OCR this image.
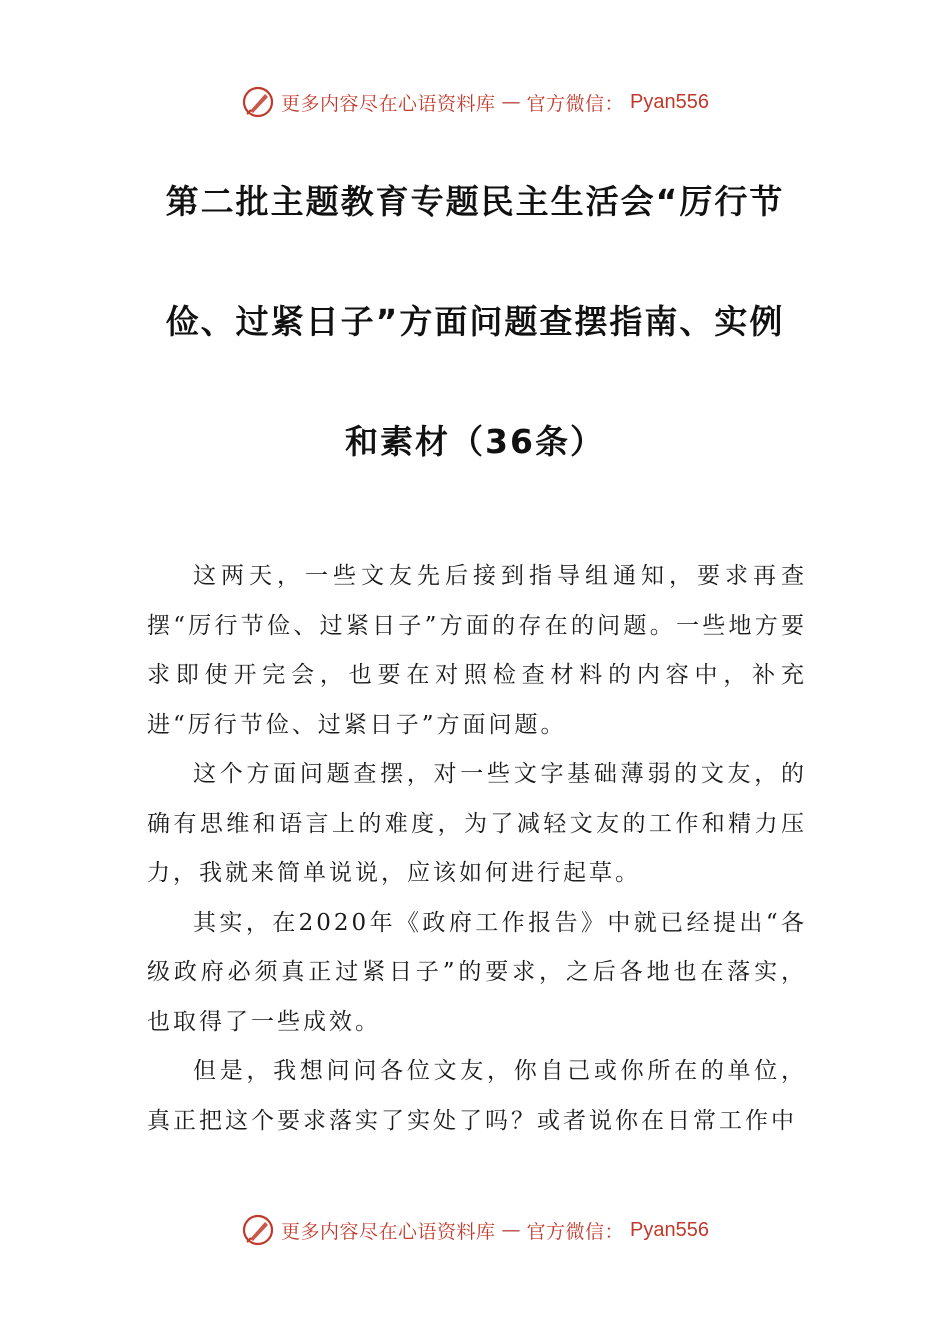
更多内容尽在心语资料库 — 官方微信： Pyan556
第二批主题教育专题民主生活会“厉行节
俭、过紧日子”方面问题查摆指南、实例
和素材（36条）

这两天，一些文友先后接到指导组通知，要求再查摆“厉行节俭、过紧日子”方面的存在的问题。一些地方要求即使开完会，也要在对照检查材料的内容中，补充进“厉行节俭、过紧日子”方面问题。

这个方面问题查摆，对一些文字基础薄弱的文友，的确有思维和语言上的难度，为了减轻文友的工作和精力压力，我就来简单说说，应该如何进行起草。

其实，在2020年《政府工作报告》中就已经提出“各级政府必须真正过紧日子”的要求，之后各地也在落实，也取得了一些成效。

但是，我想问问各位文友，你自己或你所在的单位，真正把这个要求落实了实处了吗？或者说你在日常工作中

更多内容尽在心语资料库 — 官方微信： Pyan556
